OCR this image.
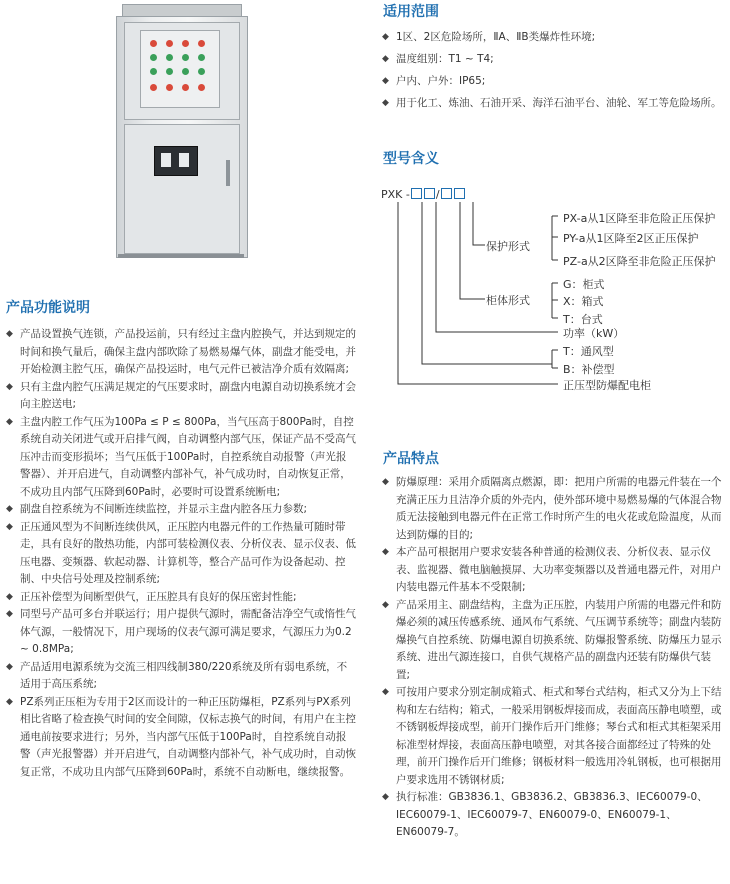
适用范围
◆ 1区、2区危险场所，ⅡA、ⅡB类爆炸性环境;
◆ 温度组别：T1 ~ T4;
◆ 户内、户外：IP65;
◆ 用于化工、炼油、石油开采、海洋石油平台、油轮、军工等危险场所。
型号含义
PXK - /
保护形式
PX-a从1区降至非危险正压保护
PY-a从1区降至2区正压保护
PZ-a从2区降至非危险正压保护
柜体形式
G：柜式
X：箱式
T：台式
功率（kW）
T：通风型
B：补偿型
正压型防爆配电柜
产品功能说明
◆ 产品设置换气连锁，产品投运前，只有经过主盘内腔换气，并达到规定的时间和换气量后，确保主盘内部吹除了易燃易爆气体，副盘才能受电，并开始检测主腔气压，确保产品投运时，电气元件已被洁净介质有效隔离;
◆ 只有主盘内腔气压满足规定的气压要求时，副盘内电源自动切换系统才会向主腔送电;
◆ 主盘内腔工作气压为100Pa ≤ P ≤ 800Pa，当气压高于800Pa时，自控系统自动关闭进气或开启排气阀，自动调整内部气压，保证产品不受高气压冲击而变形损坏；当气压低于100Pa时，自控系统自动报警（声光报警器）、并开启进气，自动调整内部补气，补气成功时，自动恢复正常，不成功且内部气压降到60Pa时，必要时可设置系统断电;
◆ 副盘自控系统为不间断连续监控，并显示主盘内腔各压力参数;
◆ 正压通风型为不间断连续供风，正压腔内电器元件的工作热量可随时带走，具有良好的散热功能，内部可装检测仪表、分析仪表、显示仪表、低压电器、变频器、软起动器、计算机等，整合产品可作为设备起动、控制、中央信号处理及控制系统;
◆ 正压补偿型为间断型供气，正压腔具有良好的保压密封性能;
◆ 同型号产品可多台并联运行；用户提供气源时，需配备洁净空气或惰性气体气源，一般情况下，用户现场的仪表气源可满足要求，气源压力为0.2 ~ 0.8MPa;
◆ 产品适用电源系统为交流三相四线制380/220系统及所有弱电系统，不适用于高压系统;
◆ PZ系列正压柜为专用于2区而设计的一种正压防爆柜，PZ系列与PX系列相比省略了检查换气时间的安全间隙，仅标志换气的时间，有用户在主控通电前按要求进行；另外，当内部气压低于100Pa时，自控系统自动报警（声光报警器）并开启进气，自动调整内部补气，补气成功时，自动恢复正常，不成功且内部气压降到60Pa时，系统不自动断电，继续报警。
产品特点
◆ 防爆原理：采用介质隔离点燃源，即：把用户所需的电器元件装在一个充满正压力且洁净介质的外壳内，使外部环境中易燃易爆的气体混合物质无法接触到电器元件在正常工作时所产生的电火花或危险温度，从而达到防爆的目的;
◆ 本产品可根据用户要求安装各种普通的检测仪表、分析仪表、显示仪表、监视器、微电脑触摸屏、大功率变频器以及普通电器元件，对用户内装电器元件基本不受限制;
◆ 产品采用主、副盘结构，主盘为正压腔，内装用户所需的电器元件和防爆必须的减压传感系统、通风布气系统、气压调节系统等；副盘内装防爆换气自控系统、防爆电源自切换系统、防爆报警系统、防爆压力显示系统、进出气源连接口，自供气规格产品的副盘内还装有防爆供气装置;
◆ 可按用户要求分别定制成箱式、柜式和琴台式结构，柜式又分为上下结构和左右结构；箱式，一般采用钢板焊接而成，表面高压静电喷塑，或不锈钢板焊接成型，前开门操作后开门维修；琴台式和柜式其柜架采用标准型材焊接，表面高压静电喷塑，对其各接合面都经过了特殊的处理，前开门操作后开门维修；钢板材料一般选用冷轧钢板，也可根据用户要求选用不锈钢材质;
◆ 执行标准：GB3836.1、GB3836.2、GB3836.3、IEC60079-0、IEC60079-1、IEC60079-7、EN60079-0、EN60079-1、EN60079-7。
